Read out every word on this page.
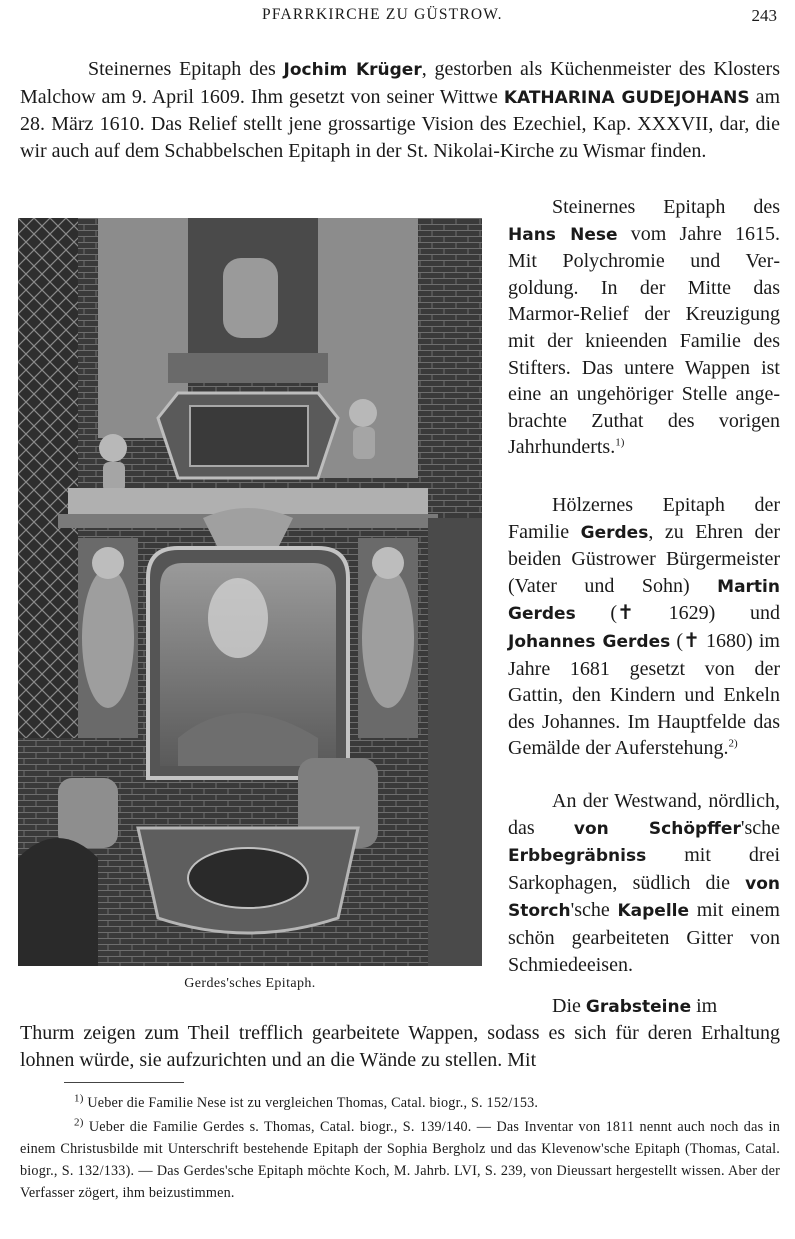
PFARRKIRCHE ZU GÜSTROW.	243

Steinernes Epitaph des Jochim Krüger, gestorben als Küchenmeister des Klosters Malchow am 9. April 1609. Ihm gesetzt von seiner Wittwe KATHARINA GUDEJOHANS am 28. März 1610. Das Relief stellt jene grossartige Vision des Ezechiel, Kap. XXXVII, dar, die wir auch auf dem Schabbelschen Epitaph in der St. Nikolai-Kirche zu Wismar finden.

Gerdes'sches Epitaph.

Steinernes Epitaph des Hans Nese vom Jahre 1615. Mit Polychromie und Vergoldung. In der Mitte das Marmor-Relief der Kreuzigung mit der knieenden Familie des Stifters. Das untere Wappen ist eine an ungehöriger Stelle angebrachte Zuthat des vorigen Jahrhunderts.$^{1)}$

Hölzernes Epitaph der Familie Gerdes, zu Ehren der beiden Güstrower Bürgermeister (Vater und Sohn) Martin Gerdes (✝ 1629) und Johannes Gerdes (✝ 1680) im Jahre 1681 gesetzt von der Gattin, den Kindern und Enkeln des Johannes. Im Hauptfelde das Gemälde der Auferstehung.$^{2)}$

An der Westwand, nördlich, das von Schöpffer'sche Erbbegräbniss mit drei Sarkophagen, südlich die von Storch'sche Kapelle mit einem schön gearbeiteten Gitter von Schmiedeeisen.

Die Grabsteine im

Thurm zeigen zum Theil trefflich gearbeitete Wappen, sodass es sich für deren Erhaltung lohnen würde, sie aufzurichten und an die Wände zu stellen. Mit

$^{1)}$ Ueber die Familie Nese ist zu vergleichen Thomas, Catal. biogr., S. 152/153.

$^{2)}$ Ueber die Familie Gerdes s. Thomas, Catal. biogr., S. 139/140. — Das Inventar von 1811 nennt auch noch das in einem Christusbilde mit Unterschrift bestehende Epitaph der Sophia Bergholz und das Klevenow'sche Epitaph (Thomas, Catal. biogr., S. 132/133). — Das Gerdes'sche Epitaph möchte Koch, M. Jahrb. LVI, S. 239, von Dieussart hergestellt wissen. Aber der Verfasser zögert, ihm beizustimmen.
